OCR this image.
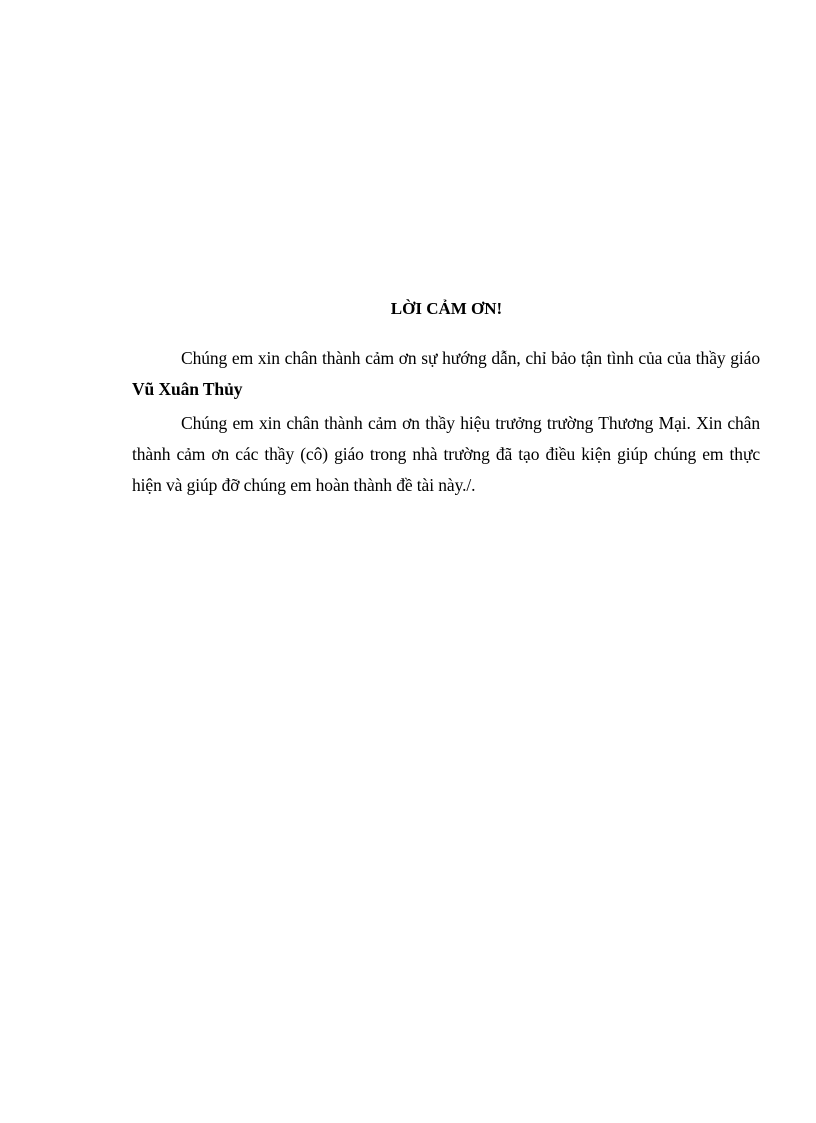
LỜI CẢM ƠN!

Chúng em xin chân thành cảm ơn sự hướng dẫn, chỉ bảo tận tình của của thầy giáo Vũ Xuân Thủy

Chúng em xin chân thành cảm ơn thầy hiệu trưởng trường Thương Mại. Xin chân thành cảm ơn các thầy (cô) giáo trong nhà trường đã tạo điều kiện giúp chúng em thực hiện và giúp đỡ chúng em hoàn thành đề tài này./.
